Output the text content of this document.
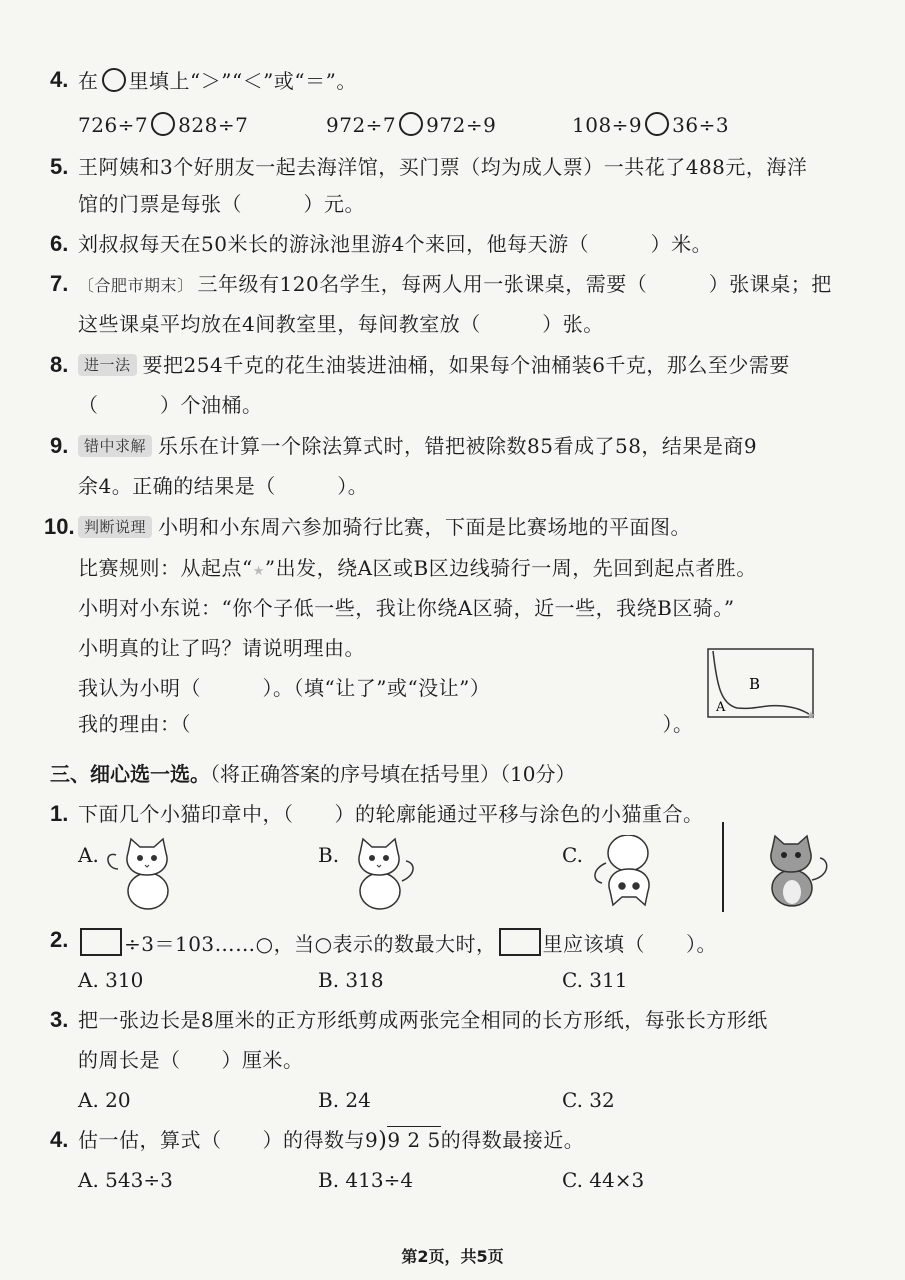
4. 在 里填上“＞”“＜”或“＝”。
726÷7 828÷7	972÷7 972÷9	108÷9 36÷3
5. 王阿姨和3个好朋友一起去海洋馆，买门票（均为成人票）一共花了488元，海洋
馆的门票是每张（　　　）元。
6. 刘叔叔每天在50米长的游泳池里游4个来回，他每天游（　　　）米。
7. 〔合肥市期末〕 三年级有120名学生，每两人用一张课桌，需要（　　　）张课桌；把
这些课桌平均放在4间教室里，每间教室放（　　　）张。
8.	进一法 要把254千克的花生油装进油桶，如果每个油桶装6千克，那么至少需要
（　　　）个油桶。
9.	错中求解 乐乐在计算一个除法算式时，错把被除数85看成了58，结果是商9
余4。正确的结果是（　　　）。
10. 判断说理 小明和小东周六参加骑行比赛，下面是比赛场地的平面图。
比赛规则：从起点“★”出发，绕A区或B区边线骑行一周，先回到起点者胜。
小明对小东说：“你个子低一些，我让你绕A区骑，近一些，我绕B区骑。”
小明真的让了吗？请说明理由。
我认为小明（　　　）。（填“让了”或“没让”）
我的理由：（　　　　　　　　　　　　　　　　　　　　　　　）。
A
B
★
三、细心选一选。（将正确答案的序号填在括号里）（10分）
1. 下面几个小猫印章中，（　　）的轮廓能通过平移与涂色的小猫重合。
A.	B.	C.
2.	÷3＝103……○，当○表示的数最大时， 里应该填（　　）。
A. 310	B. 318	C. 311
3. 把一张边长是8厘米的正方形纸剪成两张完全相同的长方形纸，每张长方形纸
的周长是（　　）厘米。
A. 20	B. 24	C. 32
4. 估一估，算式（　　）的得数与9)9 2 5的得数最接近。
A. 543÷3	B. 413÷4	C. 44×3
第2页，共5页
